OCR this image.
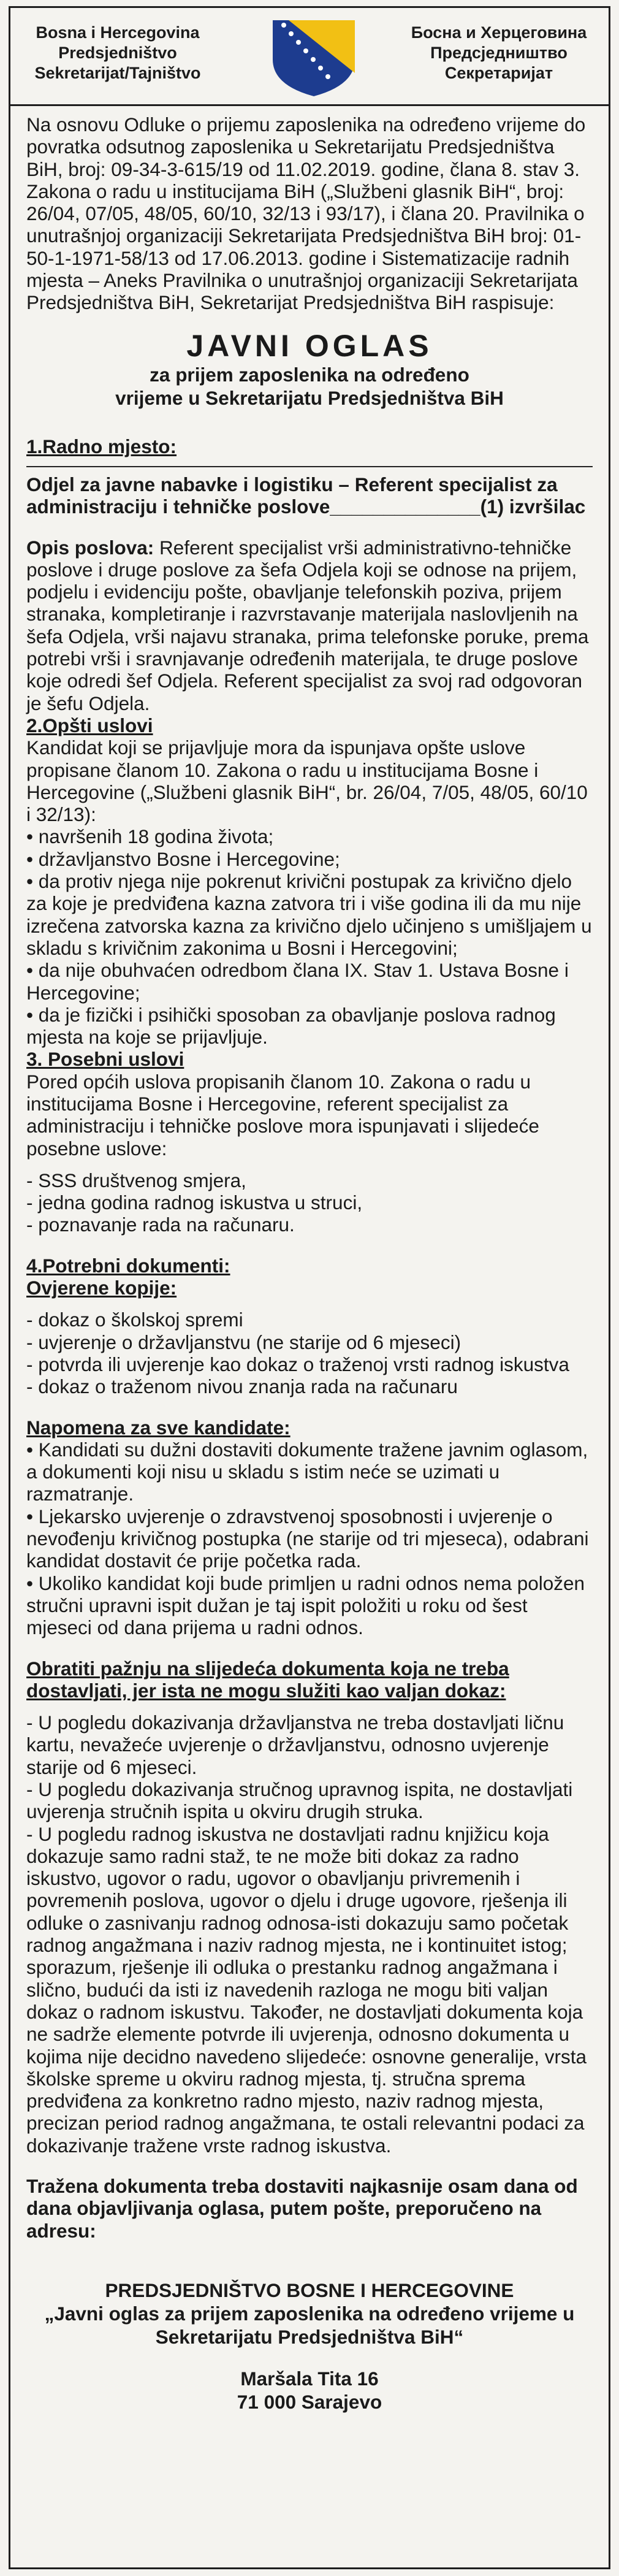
Bosna i Hercegovina
Predsjedništvo
Sekretarijat/Tajništvo
Босна и Херцеговина
Предсједништво
Секретаријат

Na osnovu Odluke o prijemu zaposlenika na određeno vrijeme do povratka odsutnog zaposlenika u Sekretarijatu Predsjedništva BiH, broj: 09-34-3-615/19 od 11.02.2019. godine, člana 8. stav 3. Zakona o radu u institucijama BiH („Službeni glasnik BiH“, broj: 26/04, 07/05, 48/05, 60/10, 32/13 i 93/17), i člana 20. Pravilnika o unutrašnjoj organizaciji Sekretarijata Predsjedništva BiH broj: 01-50-1-1971-58/13 od 17.06.2013. godine i Sistematizacije radnih mjesta – Aneks Pravilnika o unutrašnjoj organizaciji Sekretarijata Predsjedništva BiH, Sekretarijat Predsjedništva BiH raspisuje:

JAVNI OGLAS
za prijem zaposlenika na određeno
vrijeme u Sekretarijatu Predsjedništva BiH
1.Radno mjesto:
Odjel za javne nabavke i logistiku – Referent specijalist za administraciju i tehničke poslove______________(1) izvršilac

Opis poslova: Referent specijalist vrši administrativno-tehničke poslove i druge poslove za šefa Odjela koji se odnose na prijem, podjelu i evidenciju pošte, obavljanje telefonskih poziva, prijem stranaka, kompletiranje i razvrstavanje materijala naslovljenih na šefa Odjela, vrši najavu stranaka, prima telefonske poruke, prema potrebi vrši i sravnjavanje određenih materijala, te druge poslove koje odredi šef Odjela. Referent specijalist za svoj rad odgovoran je šefu Odjela.

2.Opšti uslovi

Kandidat koji se prijavljuje mora da ispunjava opšte uslove propisane članom 10. Zakona o radu u institucijama Bosne i Hercegovine („Službeni glasnik BiH“, br. 26/04, 7/05, 48/05, 60/10 i 32/13):

• navršenih 18 godina života;
• državljanstvo Bosne i Hercegovine;
• da protiv njega nije pokrenut krivični postupak za krivično djelo za koje je predviđena kazna zatvora tri i više godina ili da mu nije izrečena zatvorska kazna za krivično djelo učinjeno s umišljajem u skladu s krivičnim zakonima u Bosni i Hercegovini;
• da nije obuhvaćen odredbom člana IX. Stav 1. Ustava Bosne i Hercegovine;
• da je fizički i psihički sposoban za obavljanje poslova radnog mjesta na koje se prijavljuje.
3. Posebni uslovi

Pored općih uslova propisanih članom 10. Zakona o radu u institucijama Bosne i Hercegovine, referent specijalist za administraciju i tehničke poslove mora ispunjavati i slijedeće posebne uslove:

- SSS društvenog smjera,
- jedna godina radnog iskustva u struci,
- poznavanje rada na računaru.
4.Potrebni dokumenti:
Ovjerene kopije:
- dokaz o školskoj spremi
- uvjerenje o državljanstvu (ne starije od 6 mjeseci)
- potvrda ili uvjerenje kao dokaz o traženoj vrsti radnog iskustva
- dokaz o traženom nivou znanja rada na računaru
Napomena za sve kandidate:
• Kandidati su dužni dostaviti dokumente tražene javnim oglasom, a dokumenti koji nisu u skladu s istim neće se uzimati u razmatranje.
• Ljekarsko uvjerenje o zdravstvenoj sposobnosti i uvjerenje o nevođenju krivičnog postupka (ne starije od tri mjeseca), odabrani kandidat dostavit će prije početka rada.
• Ukoliko kandidat koji bude primljen u radni odnos nema položen stručni upravni ispit dužan je taj ispit položiti u roku od šest mjeseci od dana prijema u radni odnos.
Obratiti pažnju na slijedeća dokumenta koja ne treba dostavljati, jer ista ne mogu služiti kao valjan dokaz:
- U pogledu dokazivanja državljanstva ne treba dostavljati ličnu kartu, nevažeće uvjerenje o državljanstvu, odnosno uvjerenje starije od 6 mjeseci.
- U pogledu dokazivanja stručnog upravnog ispita, ne dostavljati uvjerenja stručnih ispita u okviru drugih struka.
- U pogledu radnog iskustva ne dostavljati radnu knjižicu koja dokazuje samo radni staž, te ne može biti dokaz za radno iskustvo, ugovor o radu, ugovor o obavljanju privremenih i povremenih poslova, ugovor o djelu i druge ugovore, rješenja ili odluke o zasnivanju radnog odnosa-isti dokazuju samo početak radnog angažmana i naziv radnog mjesta, ne i kontinuitet istog; sporazum, rješenje ili odluka o prestanku radnog angažmana i slično, budući da isti iz navedenih razloga ne mogu biti valjan dokaz o radnom iskustvu. Također, ne dostavljati dokumenta koja ne sadrže elemente potvrde ili uvjerenja, odnosno dokumenta u kojima nije decidno navedeno slijedeće: osnovne generalije, vrsta školske spreme u okviru radnog mjesta, tj. stručna sprema predviđena za konkretno radno mjesto, naziv radnog mjesta, precizan period radnog angažmana, te ostali relevantni podaci za dokazivanje tražene vrste radnog iskustva.

Tražena dokumenta treba dostaviti najkasnije osam dana od dana objavljivanja oglasa, putem pošte, preporučeno na adresu:

PREDSJEDNIŠTVO BOSNE I HERCEGOVINE
„Javni oglas za prijem zaposlenika na određeno vrijeme u Sekretarijatu Predsjedništva BiH“
Maršala Tita 16
71 000 Sarajevo
